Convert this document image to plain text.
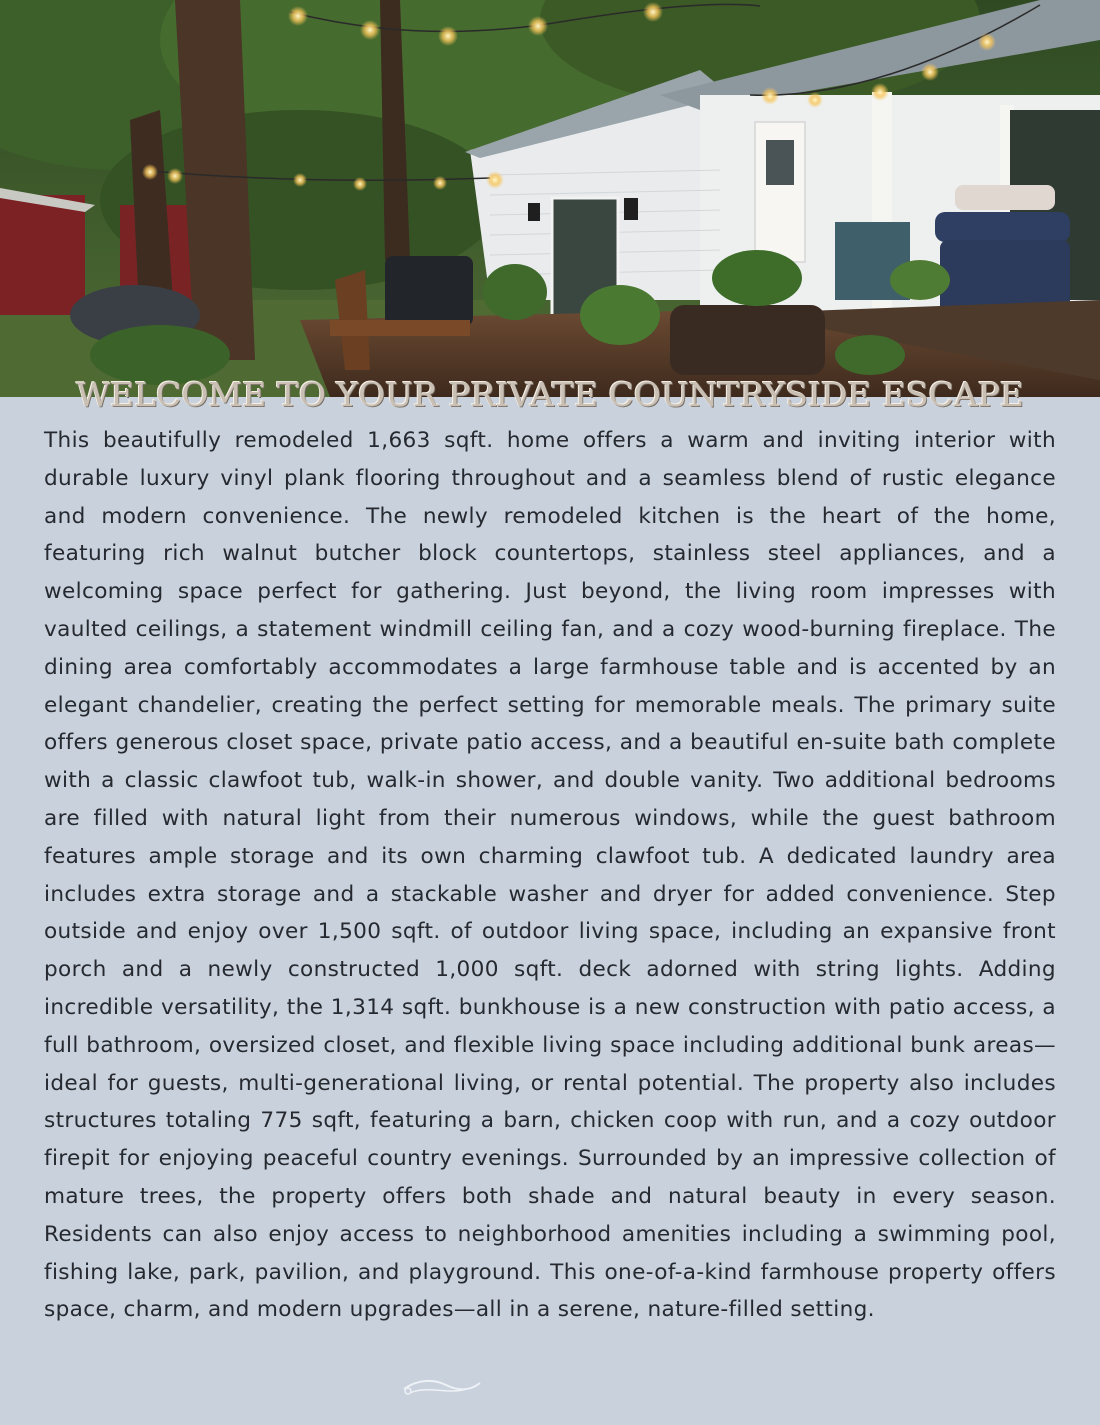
WELCOME TO YOUR PRIVATE COUNTRYSIDE ESCAPE
This beautifully remodeled 1,663 sqft. home offers a warm and inviting interior with durable luxury vinyl plank flooring throughout and a seamless blend of rustic elegance and modern convenience. The newly remodeled kitchen is the heart of the home, featuring rich walnut butcher block countertops, stainless steel appliances, and a welcoming space perfect for gathering. Just beyond, the living room impresses with vaulted ceilings, a statement windmill ceiling fan, and a cozy wood-burning fireplace. The dining area comfortably accommodates a large farmhouse table and is accented by an elegant chandelier, creating the perfect setting for memorable meals. The primary suite offers generous closet space, private patio access, and a beautiful en-suite bath complete with a classic clawfoot tub, walk-in shower, and double vanity. Two additional bedrooms are filled with natural light from their numerous windows, while the guest bathroom features ample storage and its own charming clawfoot tub. A dedicated laundry area includes extra storage and a stackable washer and dryer for added convenience. Step outside and enjoy over 1,500 sqft. of outdoor living space, including an expansive front porch and a newly constructed 1,000 sqft. deck adorned with string lights. Adding incredible versatility, the 1,314 sqft. bunkhouse is a new construction with patio access, a full bathroom, oversized closet, and flexible living space including additional bunk areas—ideal for guests, multi-generational living, or rental potential. The property also includes structures totaling 775 sqft, featuring a barn, chicken coop with run, and a cozy outdoor firepit for enjoying peaceful country evenings. Surrounded by an impressive collection of mature trees, the property offers both shade and natural beauty in every season. Residents can also enjoy access to neighborhood amenities including a swimming pool, fishing lake, park, pavilion, and playground. This one-of-a-kind farmhouse property offers space, charm, and modern upgrades—all in a serene, nature-filled setting.
